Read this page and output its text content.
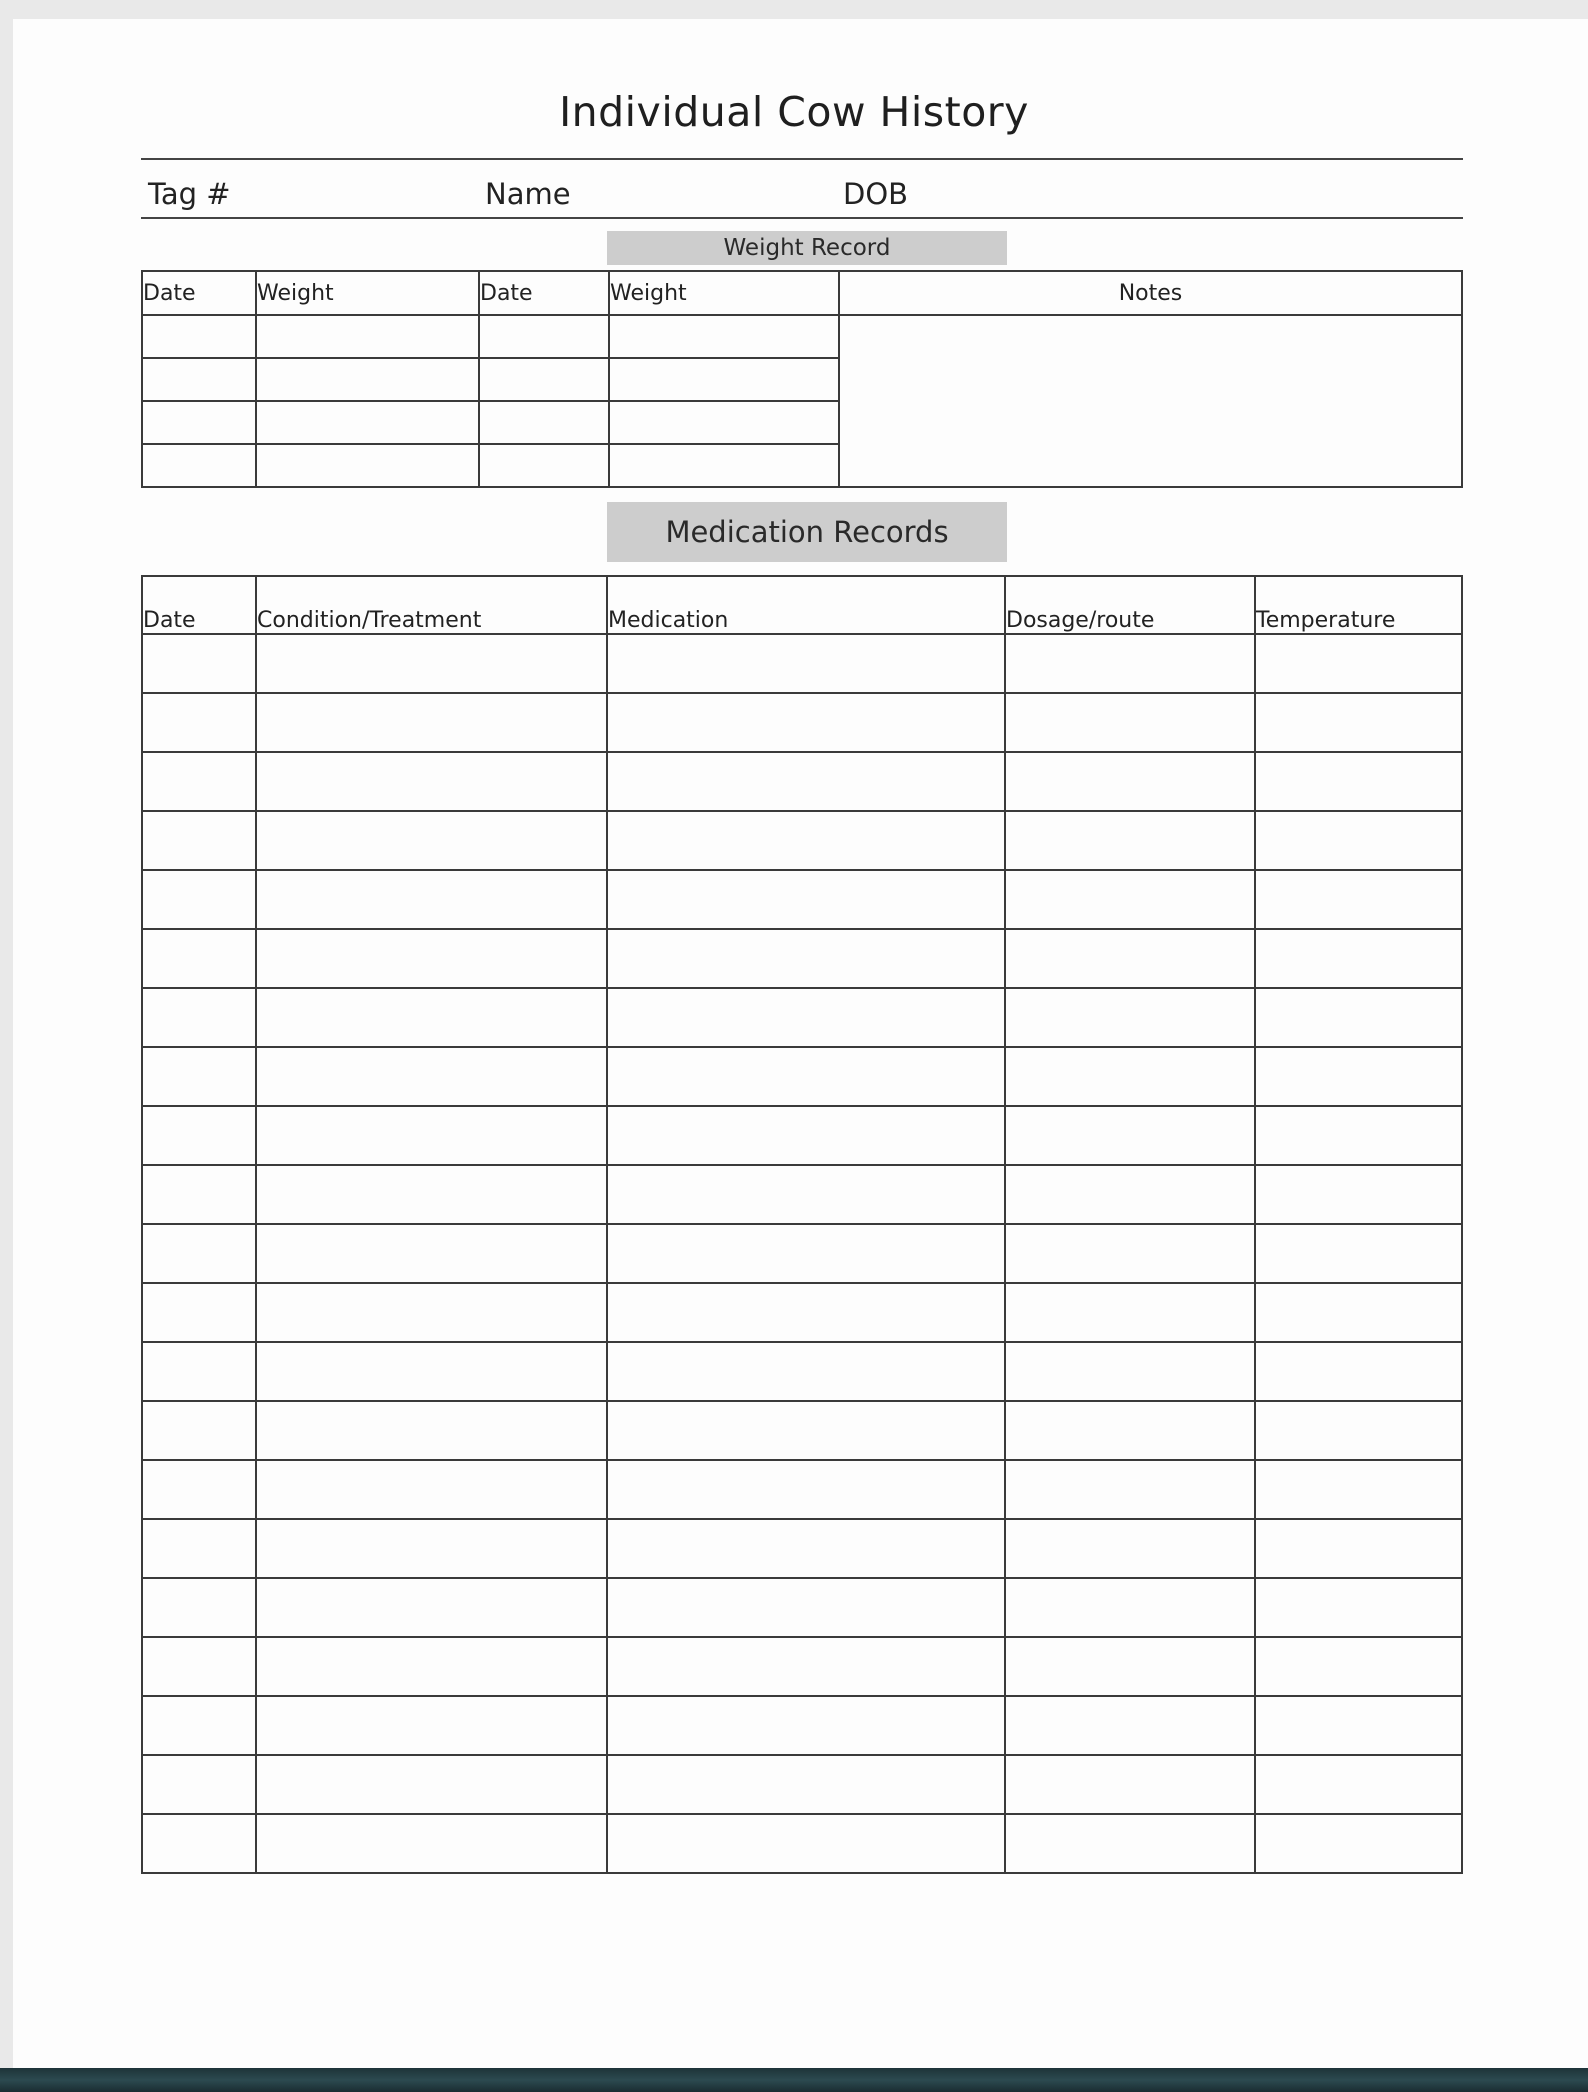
Individual Cow History
Tag #	Name	DOB
Weight Record
Date	Weight	Date	Weight	Notes

Medication Records
Date	Condition/Treatment	Medication	Dosage/route	Temperature
